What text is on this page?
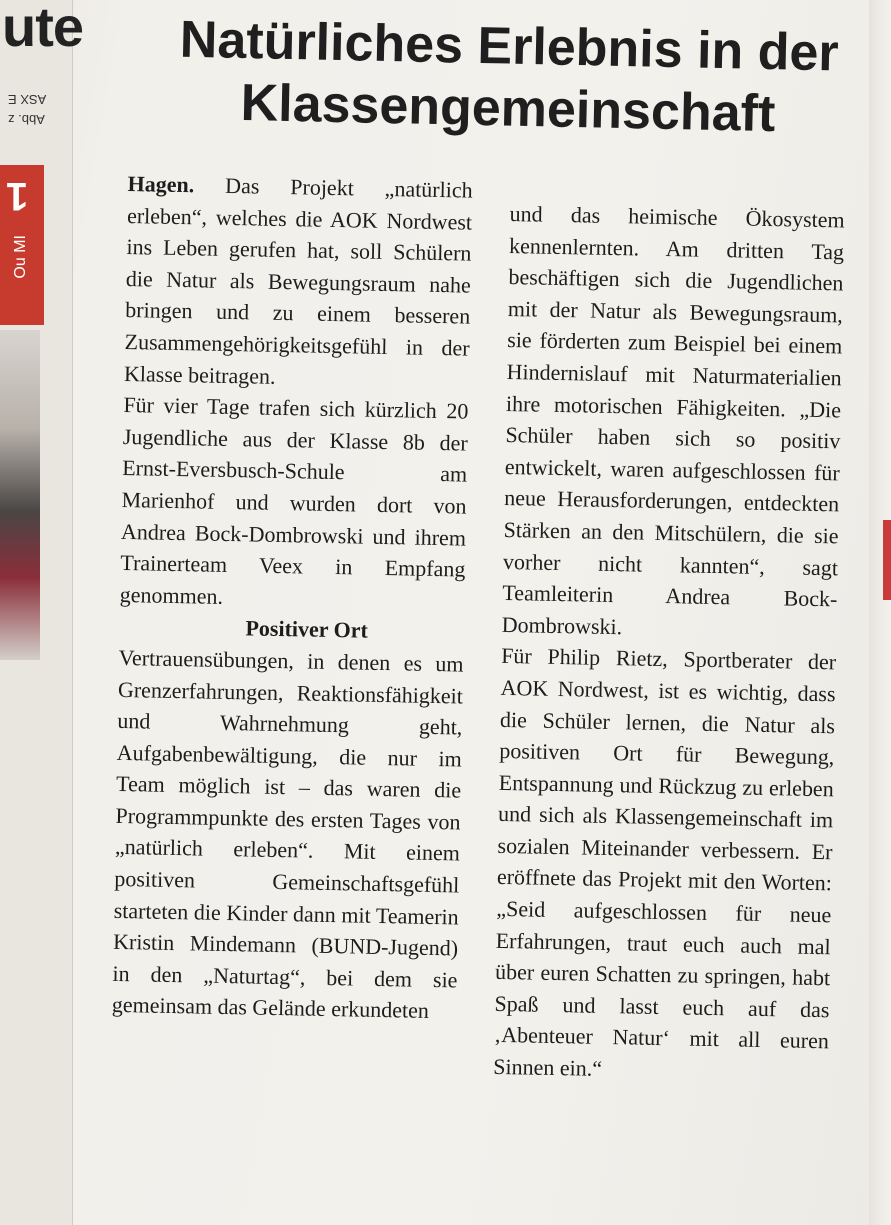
ute
Abb. z
ASX E
1
Ou MI
Natürliches Erlebnis in der Klassengemeinschaft

Hagen. Das Projekt „natürlich erleben“, welches die AOK Nordwest ins Leben gerufen hat, soll Schülern die Natur als Bewegungsraum nahe bringen und zu einem besseren Zusammengehörigkeitsgefühl in der Klasse beitragen.

Für vier Tage trafen sich kürzlich 20 Jugendliche aus der Klasse 8b der Ernst-Eversbusch-Schule am Marienhof und wurden dort von Andrea Bock-Dombrowski und ihrem Trainerteam Veex in Empfang genommen.

Positiver Ort

Vertrauensübungen, in denen es um Grenzerfahrungen, Reaktionsfähigkeit und Wahrnehmung geht, Aufgabenbewältigung, die nur im Team möglich ist – das waren die Programmpunkte des ersten Tages von „natürlich erleben“. Mit einem positiven Gemeinschaftsgefühl starteten die Kinder dann mit Teamerin Kristin Mindemann (BUND-Jugend) in den „Naturtag“, bei dem sie gemeinsam das Gelände erkundeten

und das heimische Ökosystem kennenlernten. Am dritten Tag beschäftigen sich die Jugendlichen mit der Natur als Bewegungsraum, sie förderten zum Beispiel bei einem Hindernislauf mit Naturmaterialien ihre motorischen Fähigkeiten. „Die Schüler haben sich so positiv entwickelt, waren aufgeschlossen für neue Herausforderungen, entdeckten Stärken an den Mitschülern, die sie vorher nicht kannten“, sagt Teamleiterin Andrea Bock-Dombrowski.

Für Philip Rietz, Sportberater der AOK Nordwest, ist es wichtig, dass die Schüler lernen, die Natur als positiven Ort für Bewegung, Entspannung und Rückzug zu erleben und sich als Klassengemeinschaft im sozialen Miteinander verbessern. Er eröffnete das Projekt mit den Worten: „Seid aufgeschlossen für neue Erfahrungen, traut euch auch mal über euren Schatten zu springen, habt Spaß und lasst euch auf das ‚Abenteuer Natur‘ mit all euren Sinnen ein.“
